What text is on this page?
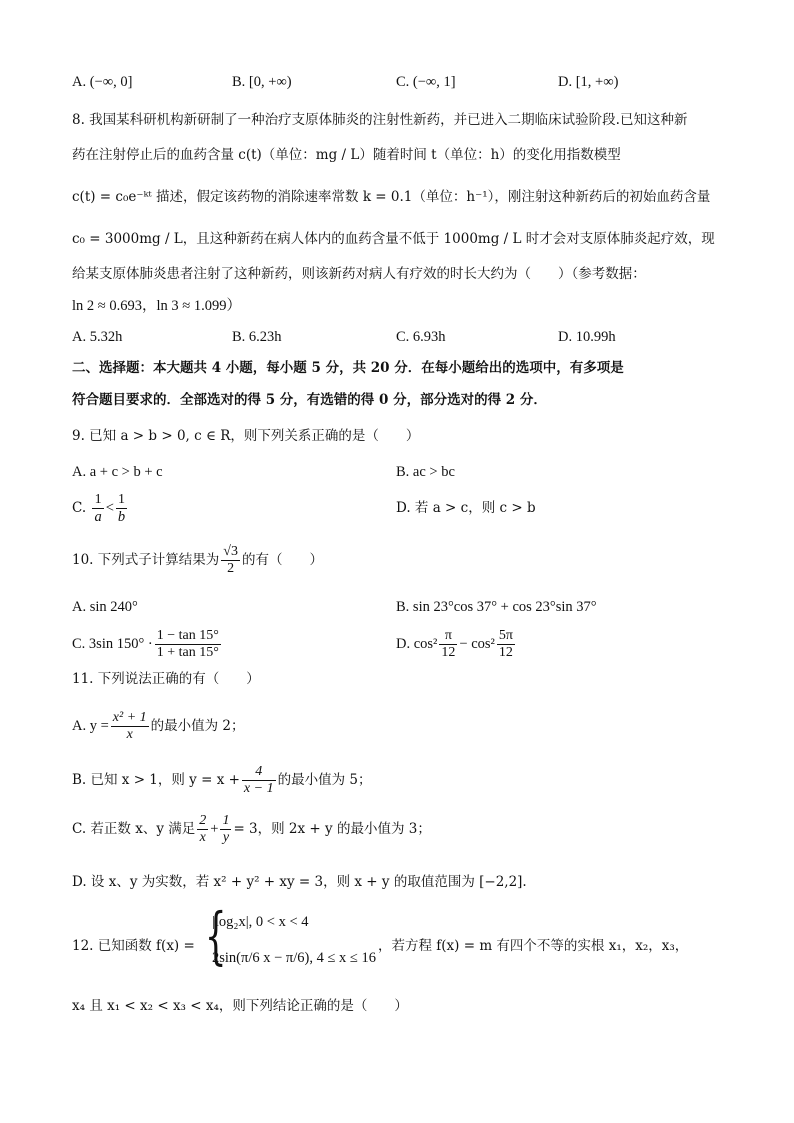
A. (−∞, 0]	B. [0, +∞)	C. (−∞, 1]	D. [1, +∞)
8. 我国某科研机构新研制了一种治疗支原体肺炎的注射性新药，并已进入二期临床试验阶段.已知这种新
药在注射停止后的血药含量 c(t)（单位：mg / L）随着时间 t（单位：h）的变化用指数模型
c(t) = c₀e⁻ᵏᵗ 描述，假定该药物的消除速率常数 k = 0.1（单位：h⁻¹），刚注射这种新药后的初始血药含量
c₀ = 3000mg / L，且这种新药在病人体内的血药含量不低于 1000mg / L 时才会对支原体肺炎起疗效，现
给某支原体肺炎患者注射了这种新药，则该新药对病人有疗效的时长大约为（　　）（参考数据：
ln 2 ≈ 0.693，ln 3 ≈ 1.099）
A. 5.32h	B. 6.23h	C. 6.93h	D. 10.99h
二、选择题：本大题共 4 小题，每小题 5 分，共 20 分．在每小题给出的选项中，有多项是
符合题目要求的．全部选对的得 5 分，有选错的得 0 分，部分选对的得 2 分．
9. 已知 a > b > 0, c ∈ R，则下列关系正确的是（　　）
A. a + c > b + c	B. ac > bc
C. $\frac{1}{a} < \frac{1}{b}$	D. 若 a > c，则 c > b
10. 下列式子计算结果为 $\frac{√3}{2}$ 的有（　　）
A. sin 240°	B. sin 23°cos 37° + cos 23°sin 37°
C. 3sin $150^\circ \cdot \frac{1 - \tan 15^\circ}{1 + \tan 15^\circ}$	D. $\cos^2 \frac{\pi}{12} - \cos^2 \frac{5\pi}{12}$
11. 下列说法正确的有（　　）
A. $y = \frac{\text{x² + 1}}{x}$ 的最小值为 2；
B. 已知 x > 1，则 $y = x + \frac{4}{x - 1}$ 的最小值为 5；
C. 若正数 x、y 满足 $\frac{2}{x} + \frac{1}{y} = 3$，则 2x + y 的最小值为 3；
D. 设 x、y 为实数，若 x² + y² + xy = 3，则 x + y 的取值范围为 [−2,2].
12. 已知函数 f(x) = {
|log₂x|, 0 < x < 4
2sin(π/6 x − π/6), 4 ≤ x ≤ 16
，若方程 f(x) = m 有四个不等的实根 x₁，x₂，x₃，
x₄ 且 x₁ < x₂ < x₃ < x₄，则下列结论正确的是（　　）
